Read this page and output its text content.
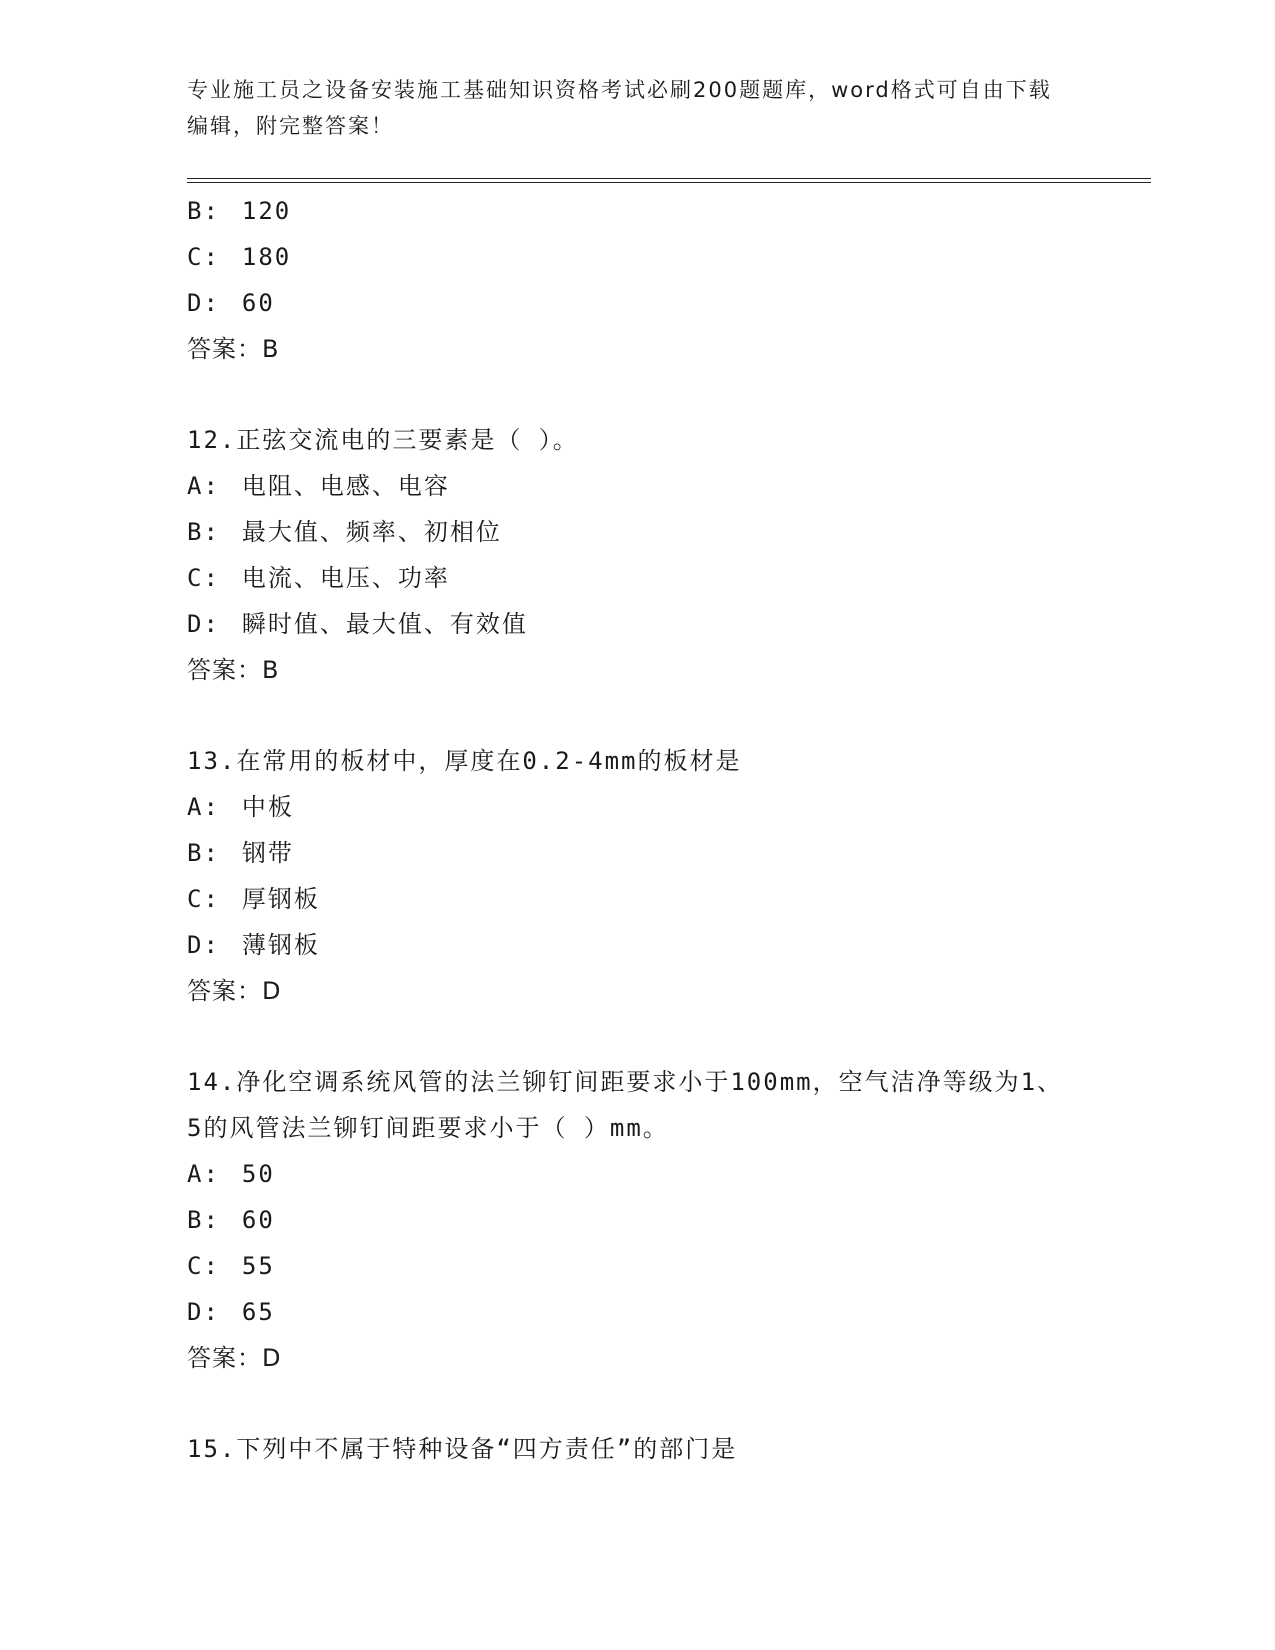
专业施工员之设备安装施工基础知识资格考试必刷200题题库，word格式可自由下载编辑，附完整答案！
B: 120
C: 180
D: 60
答案：B
12.正弦交流电的三要素是（ ）。
A: 电阻、电感、电容
B: 最大值、频率、初相位
C: 电流、电压、功率
D: 瞬时值、最大值、有效值
答案：B
13.在常用的板材中，厚度在0.2-4mm的板材是
A: 中板
B: 钢带
C: 厚钢板
D: 薄钢板
答案：D
14.净化空调系统风管的法兰铆钉间距要求小于100mm，空气洁净等级为1、5的风管法兰铆钉间距要求小于（ ）mm。
A: 50
B: 60
C: 55
D: 65
答案：D
15.下列中不属于特种设备“四方责任”的部门是
